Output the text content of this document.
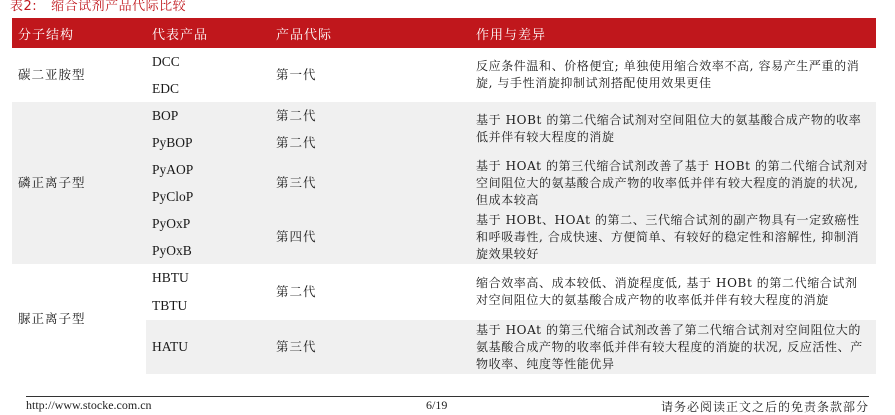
表2: 缩合试剂产品代际比较
分子结构	代表产品	产品代际	作用与差异
碳二亚胺型	DCC	第一代	反应条件温和、价格便宜; 单独使用缩合效率不高, 容易产生严重的消旋, 与手性消旋抑制试剂搭配使用效果更佳
	EDC		
磷正离子型	BOP	第二代	基于 HOBt 的第二代缩合试剂对空间阻位大的氨基酸合成产物的收率低并伴有较大程度的消旋
	PyBOP	第二代	
	PyAOP	第三代	基于 HOAt 的第三代缩合试剂改善了基于 HOBt 的第二代缩合试剂对空间阻位大的氨基酸合成产物的收率低并伴有较大程度的消旋的状况, 但成本较高
	PyCloP		
	PyOxP	第四代	基于 HOBt、HOAt 的第二、三代缩合试剂的副产物具有一定致癌性和呼吸毒性, 合成快速、方便简单、有较好的稳定性和溶解性, 抑制消旋效果较好
	PyOxB		
脲正离子型	HBTU	第二代	缩合效率高、成本较低、消旋程度低, 基于 HOBt 的第二代缩合试剂对空间阻位大的氨基酸合成产物的收率低并伴有较大程度的消旋
	TBTU		
	HATU	第三代	基于 HOAt 的第三代缩合试剂改善了第二代缩合试剂对空间阻位大的氨基酸合成产物的收率低并伴有较大程度的消旋的状况, 反应活性、产物收率、纯度等性能优异
http://www.stocke.com.cn	6/19	请务必阅读正文之后的免责条款部分
